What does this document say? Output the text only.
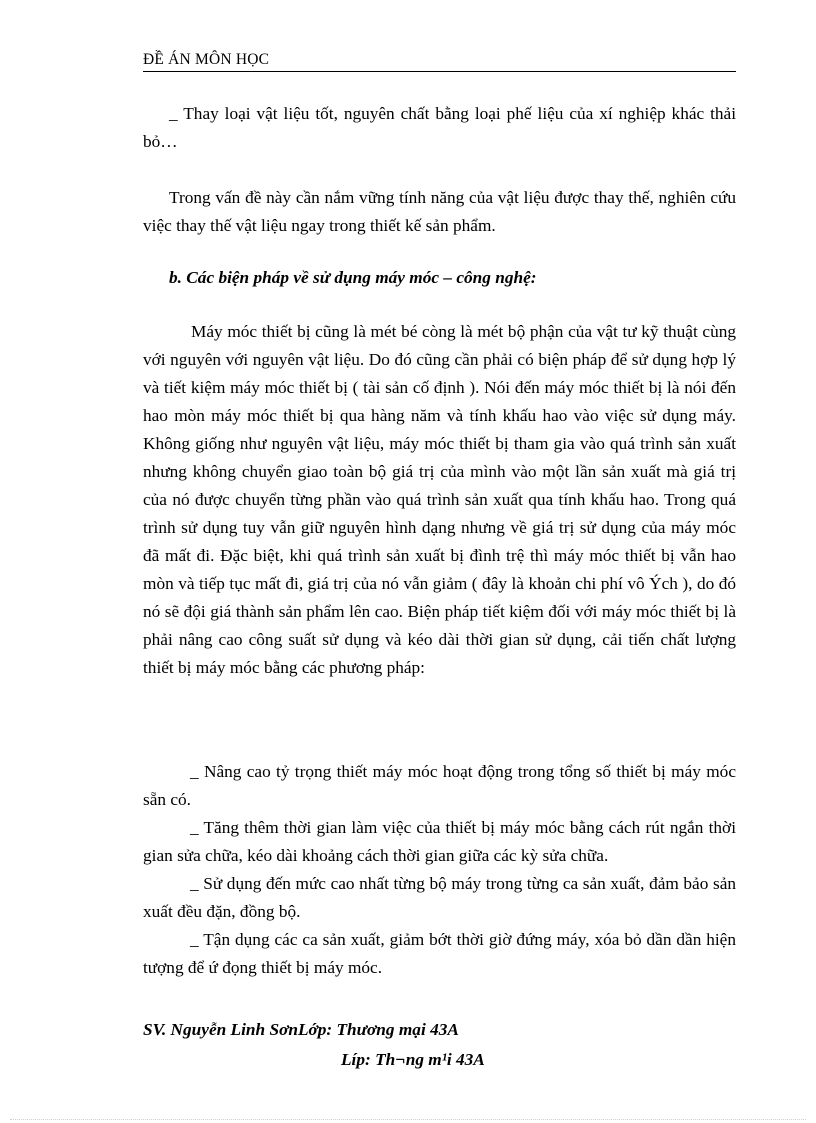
ĐỀ ÁN MÔN HỌC

_ Thay loại vật liệu tốt, nguyên chất bằng loại phế liệu của xí nghiệp khác thải bỏ…

Trong vấn đề này cần nắm vững tính năng của vật liệu được thay thế, nghiên cứu việc thay thế vật liệu ngay trong thiết kế sản phẩm.

b. Các biện pháp về sử dụng máy móc – công nghệ:

Máy móc thiết bị cũng là mét bé còng là mét bộ phận của vật tư kỹ thuật cùng với nguyên với nguyên vật liệu. Do đó cũng cần phải có biện pháp để sử dụng hợp lý và tiết kiệm máy móc thiết bị ( tài sản cố định ). Nói đến máy móc thiết bị là nói đến hao mòn máy móc thiết bị qua hàng năm và tính khấu hao vào việc sử dụng máy. Không giống như nguyên vật liệu, máy móc thiết bị tham gia vào quá trình sản xuất nhưng không chuyển giao toàn bộ giá trị của mình vào một lần sản xuất mà giá trị của nó được chuyển từng phần vào quá trình sản xuất qua tính khấu hao. Trong quá trình sử dụng tuy vẫn giữ nguyên hình dạng nhưng về giá trị sử dụng của máy móc đã mất đi. Đặc biệt, khi quá trình sản xuất bị đình trệ thì máy móc thiết bị vẫn hao mòn và tiếp tục mất đi, giá trị của nó vẫn giảm ( đây là khoản chi phí vô Ých ), do đó nó sẽ đội giá thành sản phẩm lên cao. Biện pháp tiết kiệm đối với máy móc thiết bị là phải nâng cao công suất sử dụng và kéo dài thời gian sử dụng, cải tiến chất lượng thiết bị máy móc bằng các phương pháp:

_ Nâng cao tỷ trọng thiết máy móc hoạt động trong tổng số thiết bị máy móc sẵn có.

_ Tăng thêm thời gian làm việc của thiết bị máy móc bằng cách rút ngắn thời gian sửa chữa, kéo dài khoảng cách thời gian giữa các kỳ sửa chữa.

_ Sử dụng đến mức cao nhất từng bộ máy trong từng ca sản xuất, đảm bảo sản xuất đều đặn, đồng bộ.

_ Tận dụng các ca sản xuất, giảm bớt thời giờ đứng máy, xóa bỏ dần dần hiện tượng để ứ đọng thiết bị máy móc.

SV. Nguyễn Linh SơnLớp: Thương mại 43A
Líp: Th¬ng m¹i 43A
